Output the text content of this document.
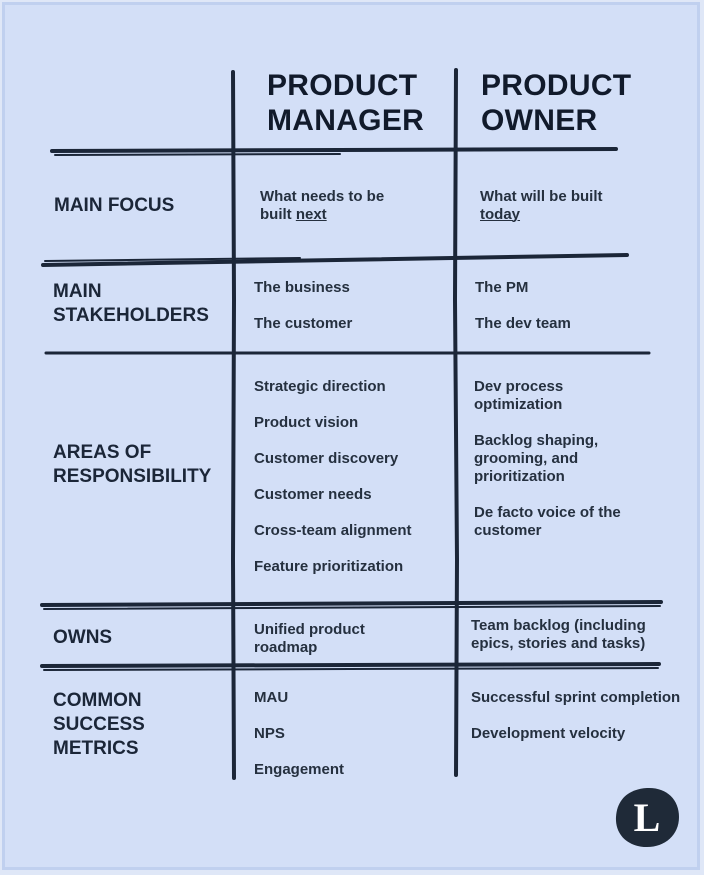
PRODUCT
MANAGER
PRODUCT
OWNER
MAIN FOCUS	What needs to be
built next
What will be built
today
MAIN
STAKEHOLDERS
The business
The customer
The PM
The dev team
AREAS OF
RESPONSIBILITY
Strategic direction
Product vision
Customer discovery
Customer needs
Cross-team alignment
Feature prioritization
Dev process
optimization
Backlog shaping,
grooming, and
prioritization
De facto voice of the
customer
OWNS	Unified product
roadmap
Team backlog (including
epics, stories and tasks)
COMMON
SUCCESS
METRICS
MAU
NPS
Engagement
Successful sprint completion
Development velocity
L
